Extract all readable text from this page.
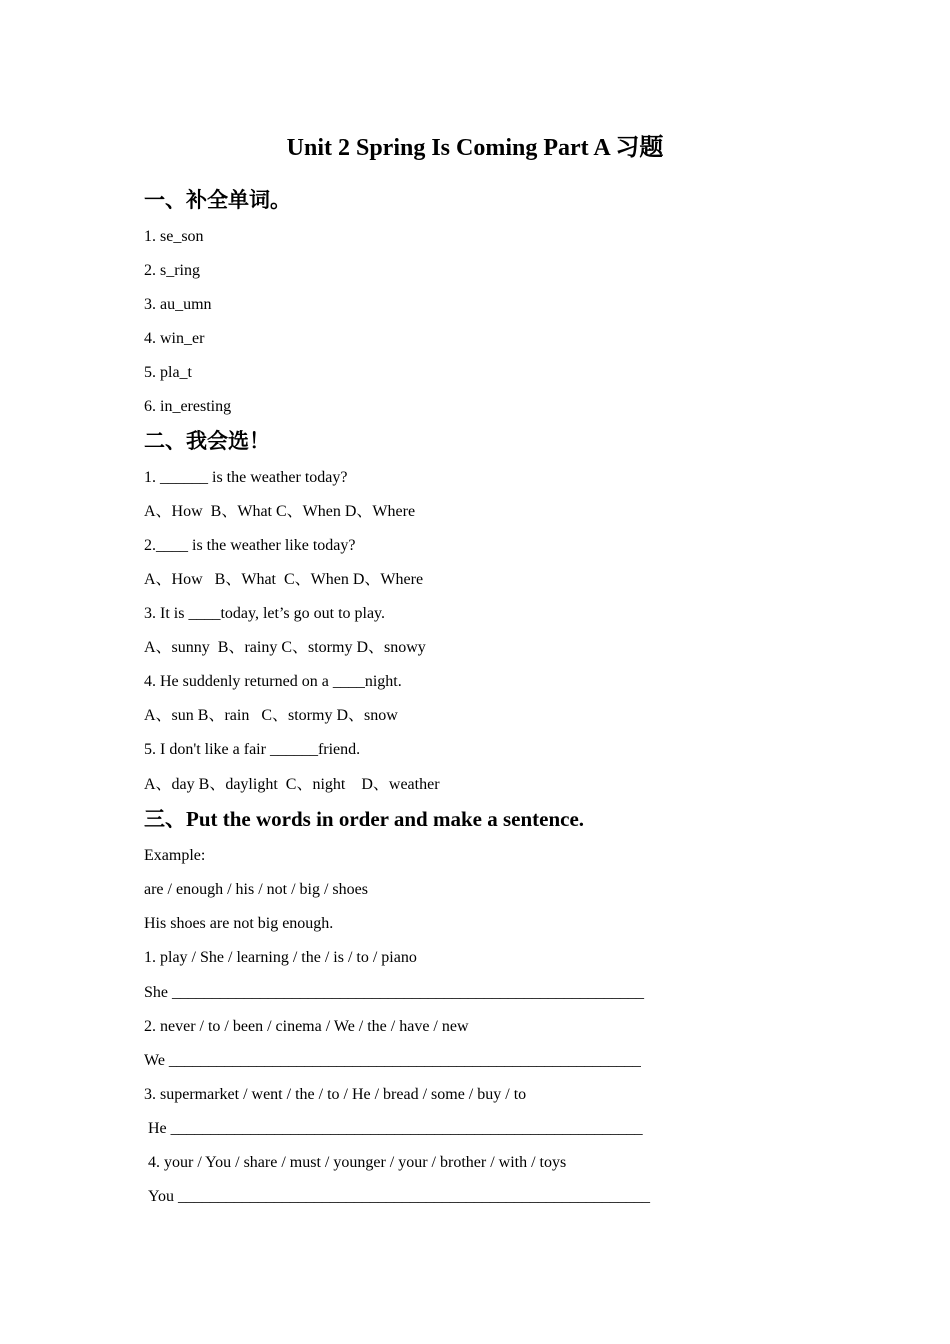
Unit 2 Spring Is Coming Part A 习题
一、补全单词。
1. se_son
2. s_ring
3. au_umn
4. win_er
5. pla_t
6. in_eresting
二、我会选！
1. ______ is the weather today?
A、How  B、What C、When D、Where
2.____ is the weather like today?
A、How   B、What  C、When D、Where
3. It is ____today, let’s go out to play.
A、sunny  B、rainy C、stormy D、snowy
4. He suddenly returned on a ____night.
A、sun B、rain   C、stormy D、snow
5. I don't like a fair ______friend.
A、day B、daylight  C、night    D、weather
三、Put the words in order and make a sentence.
Example:
are / enough / his / not / big / shoes
His shoes are not big enough.
1. play / She / learning / the / is / to / piano
She ___________________________________________________________
2. never / to / been / cinema / We / the / have / new
We ___________________________________________________________
3. supermarket / went / the / to / He / bread / some / buy / to
He ___________________________________________________________
4. your / You / share / must / younger / your / brother / with / toys
You ___________________________________________________________
